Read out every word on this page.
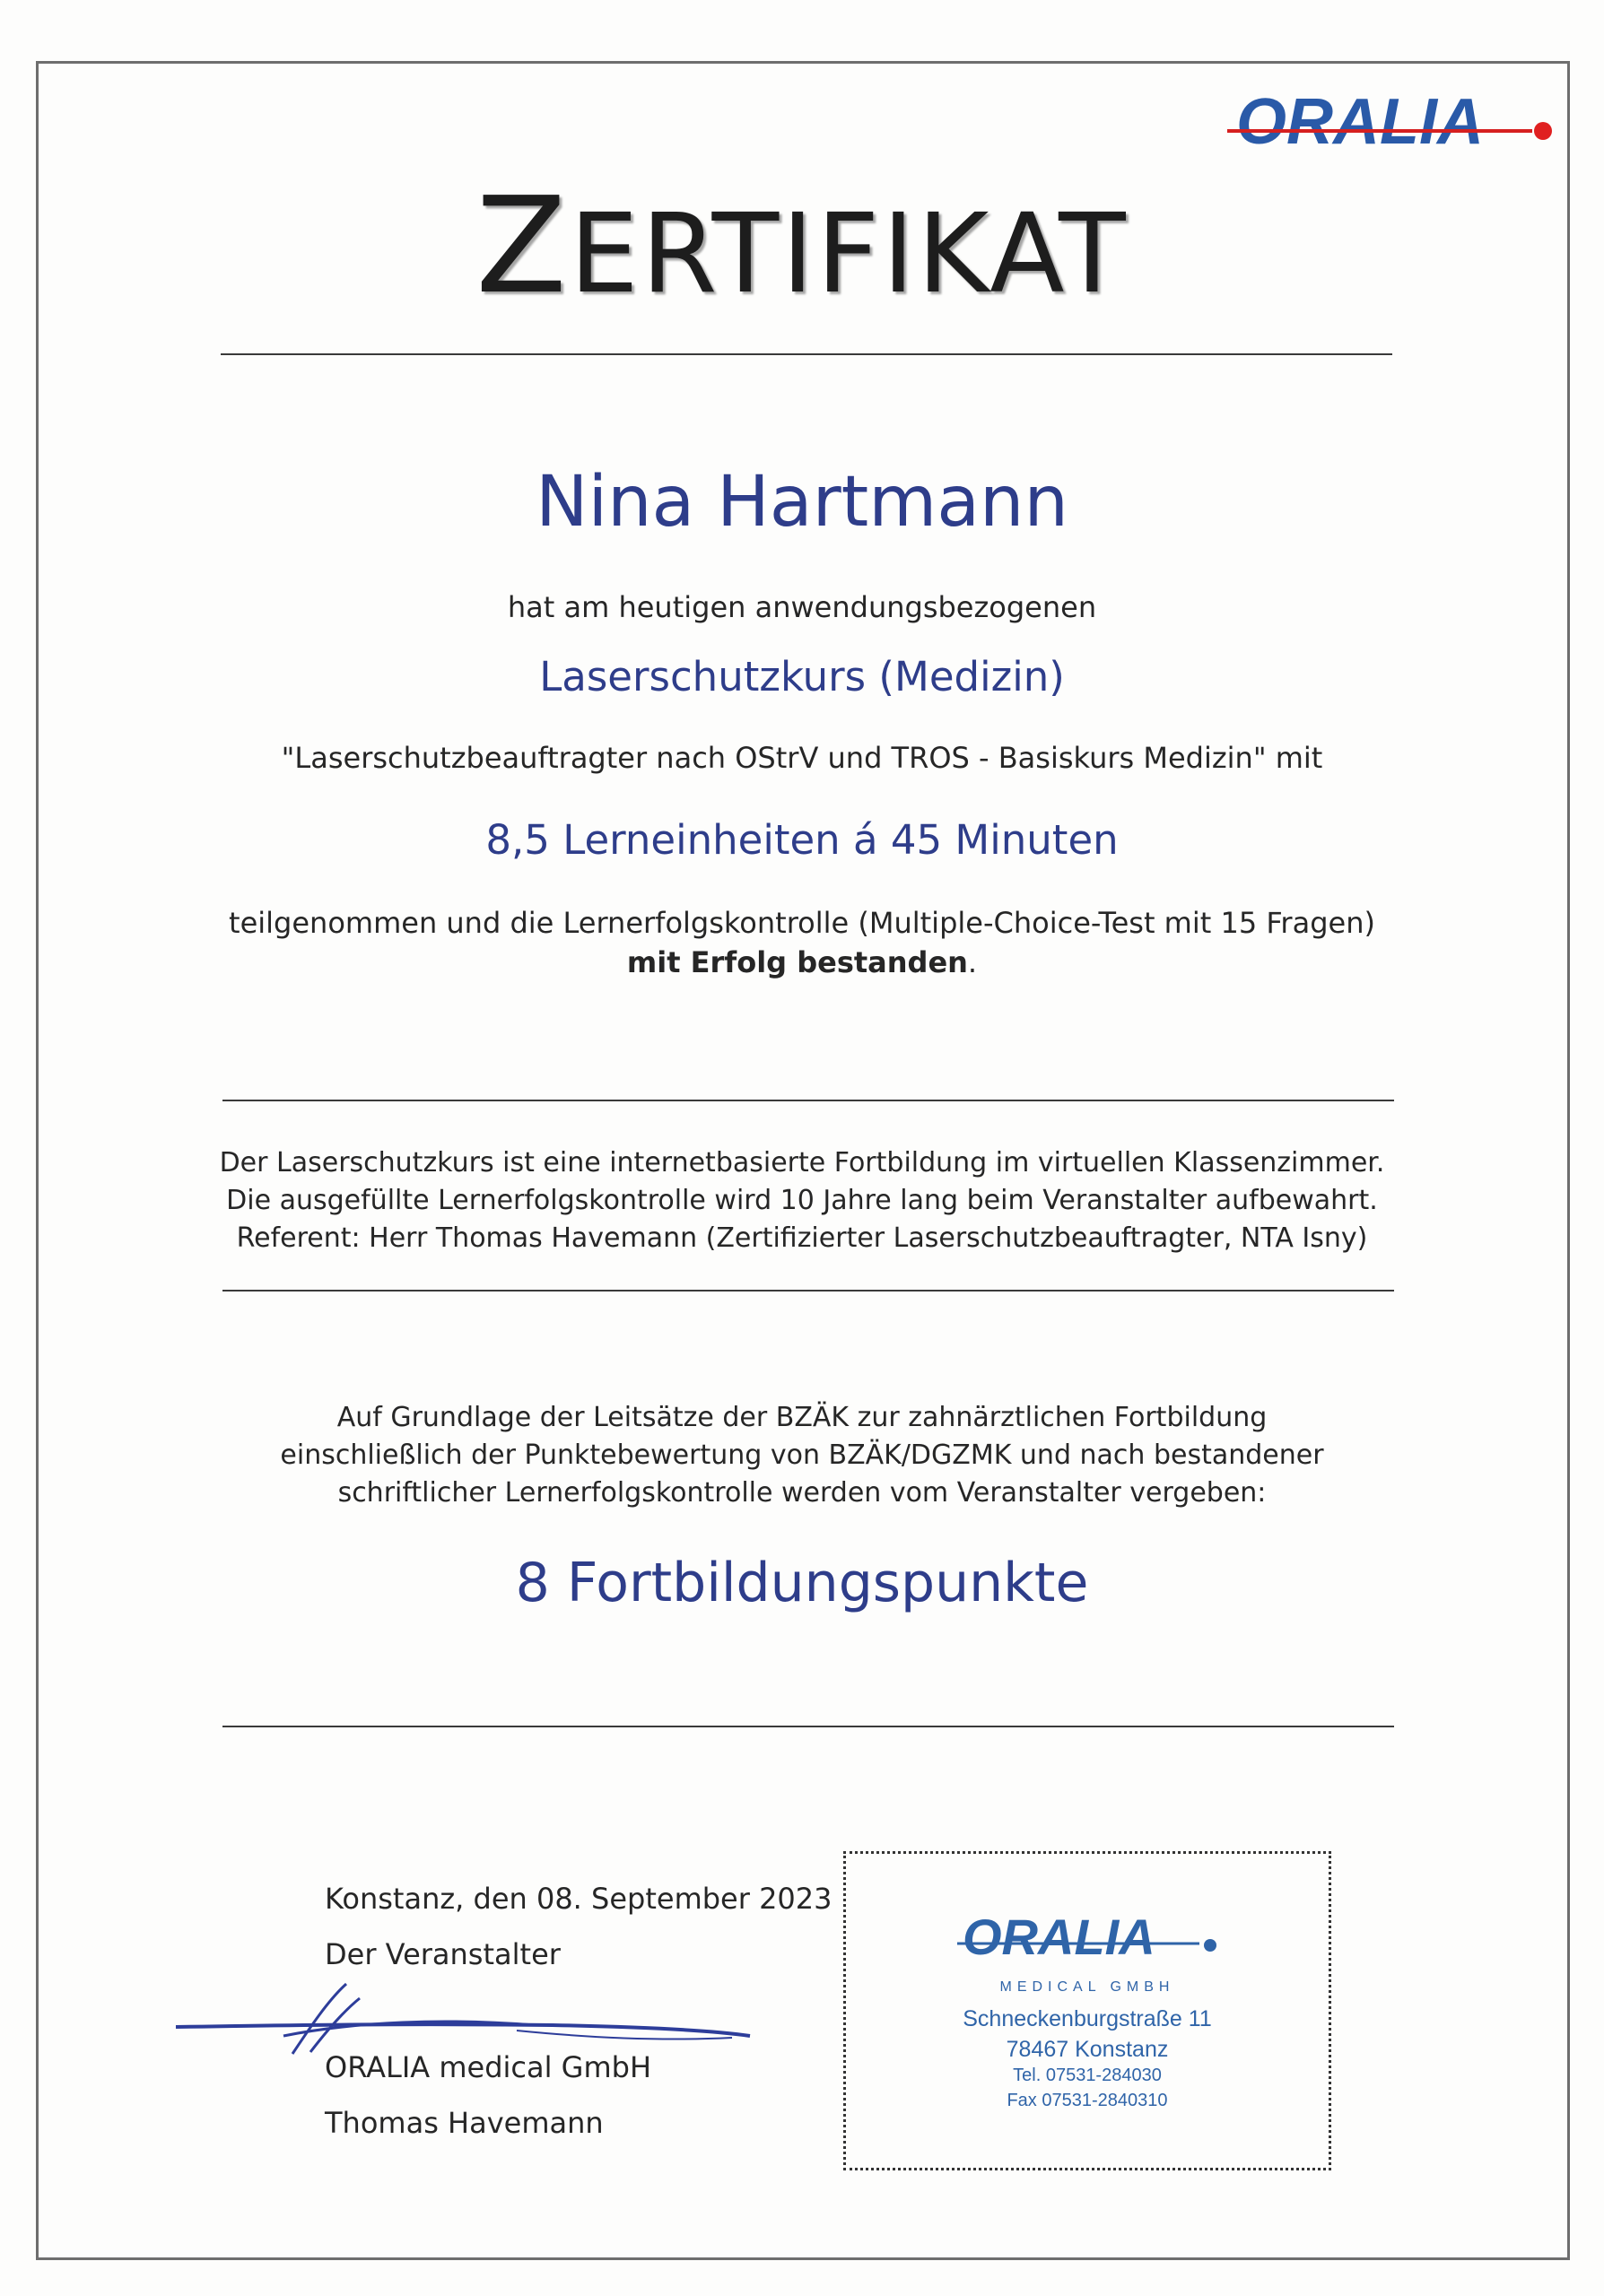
ORALIA
ZERTIFIKAT
Nina Hartmann
hat am heutigen anwendungsbezogenen
Laserschutzkurs (Medizin)
"Laserschutzbeauftragter nach OStrV und TROS - Basiskurs Medizin" mit
8,5 Lerneinheiten á 45 Minuten
teilgenommen und die Lernerfolgskontrolle (Multiple-Choice-Test mit 15 Fragen)
mit Erfolg bestanden.
Der Laserschutzkurs ist eine internetbasierte Fortbildung im virtuellen Klassenzimmer.
Die ausgefüllte Lernerfolgskontrolle wird 10 Jahre lang beim Veranstalter aufbewahrt.
Referent: Herr Thomas Havemann (Zertifizierter Laserschutzbeauftragter, NTA Isny)
Auf Grundlage der Leitsätze der BZÄK zur zahnärztlichen Fortbildung
einschließlich der Punktebewertung von BZÄK/DGZMK und nach bestandener
schriftlicher Lernerfolgskontrolle werden vom Veranstalter vergeben:
8 Fortbildungspunkte
Konstanz, den 08. September 2023
Der Veranstalter
ORALIA medical GmbH
Thomas Havemann
ORALIA
MEDICAL GMBH
Schneckenburgstraße 11
78467 Konstanz
Tel. 07531-284030
Fax 07531-2840310
